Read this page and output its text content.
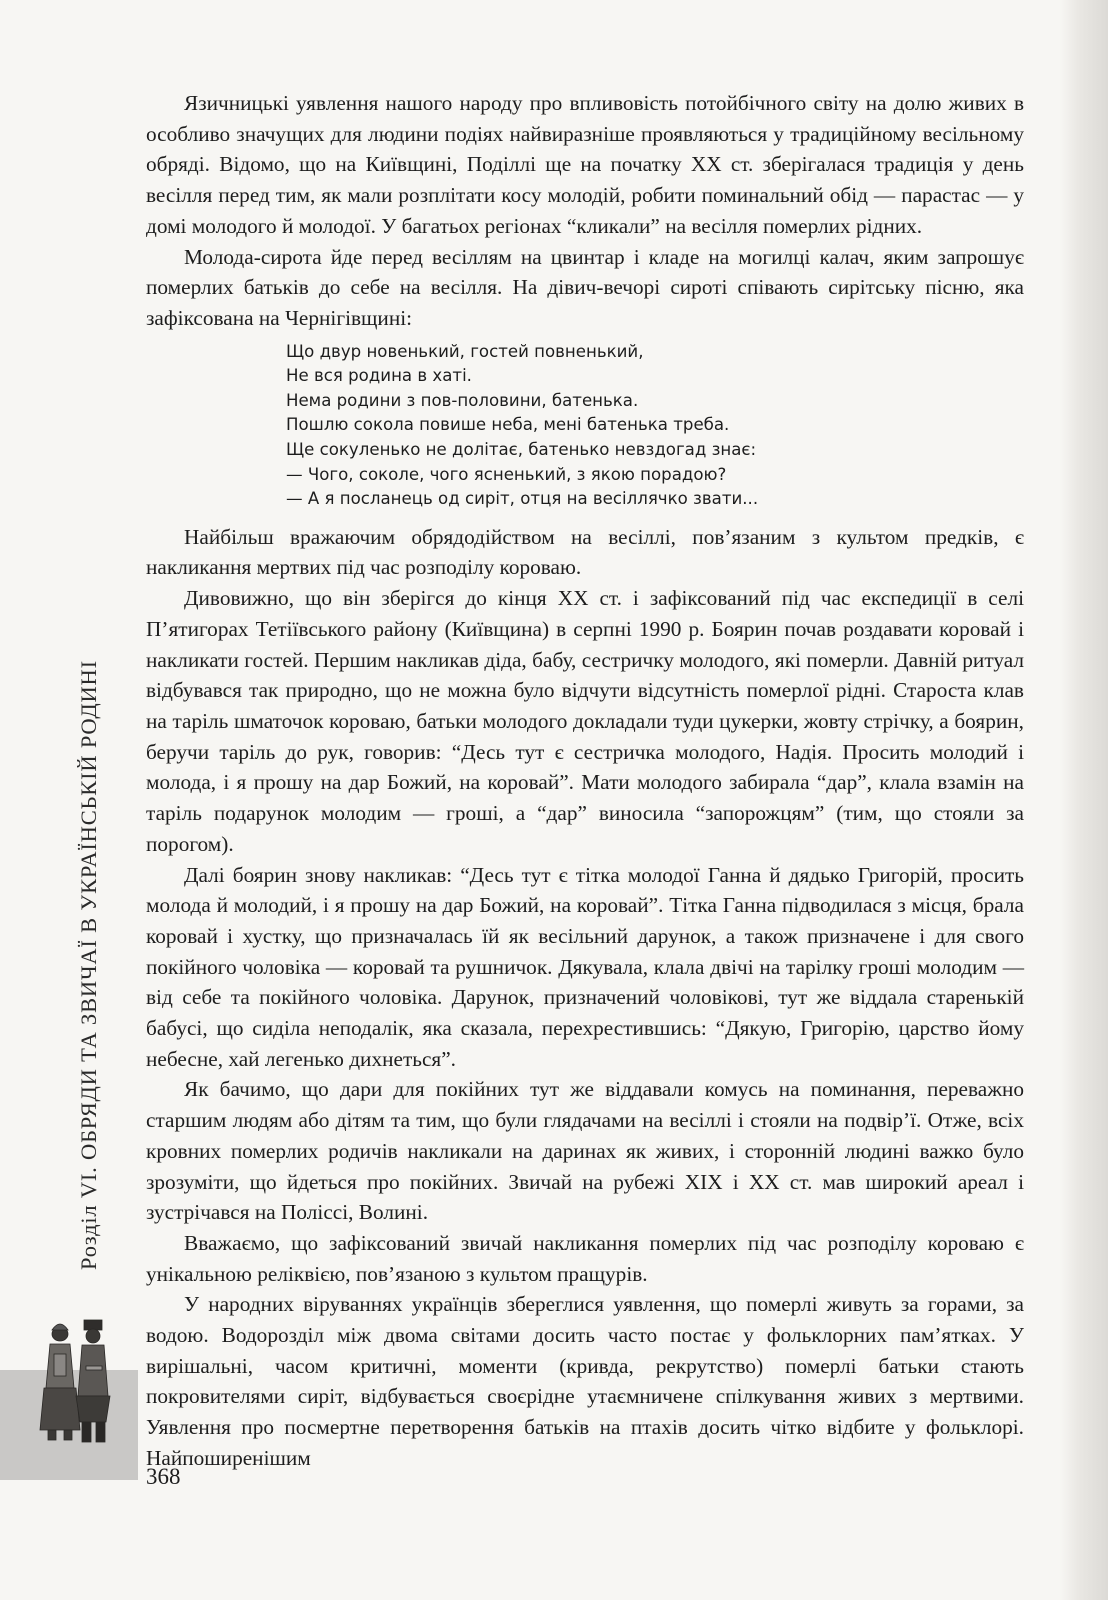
Язичницькі уявлення нашого народу про впливовість потойбічного світу на долю живих в особливо значущих для людини подіях найвиразніше проявляються у традиційному весільному обряді. Відомо, що на Київщині, Поділлі ще на початку XX ст. зберігалася традиція у день весілля перед тим, як мали розплітати косу молодій, робити поминальний обід — парастас — у домі молодого й молодої. У багатьох регіонах “кликали” на весілля померлих рідних.

Молода-сирота йде перед весіллям на цвинтар і кладе на могилці калач, яким запрошує померлих батьків до себе на весілля. На дівич-вечорі сироті співають сирітську пісню, яка зафіксована на Чернігівщині:

Що двур новенький, гостей повненький,
Не вся родина в хаті.
Нема родини з пов-половини, батенька.
Пошлю сокола повише неба, мені батенька треба.
Ще сокуленько не долітає, батенько невздогад знає:
— Чого, соколе, чого ясненький, з якою порадою?
— А я посланець од сиріт, отця на весіллячко звати...

Найбільш вражаючим обрядодійством на весіллі, пов’язаним з культом предків, є накликання мертвих під час розподілу короваю.

Дивовижно, що він зберігся до кінця XX ст. і зафіксований під час експедиції в селі П’ятигорах Тетіївського району (Київщина) в серпні 1990 р. Боярин почав роздавати коровай і накликати гостей. Першим накликав діда, бабу, сестричку молодого, які померли. Давній ритуал відбувався так природно, що не можна було відчути відсутність померлої рідні. Староста клав на таріль шматочок короваю, батьки молодого докладали туди цукерки, жовту стрічку, а боярин, беручи таріль до рук, говорив: “Десь тут є сестричка молодого, Надія. Просить молодий і молода, і я прошу на дар Божий, на коровай”. Мати молодого забирала “дар”, клала взамін на таріль подарунок молодим — гроші, а “дар” виносила “запорожцям” (тим, що стояли за порогом).

Далі боярин знову накликав: “Десь тут є тітка молодої Ганна й дядько Григорій, просить молода й молодий, і я прошу на дар Божий, на коровай”. Тітка Ганна підводилася з місця, брала коровай і хустку, що призначалась їй як весільний дарунок, а також призначене і для свого покійного чоловіка — коровай та рушничок. Дякувала, клала двічі на тарілку гроші молодим — від себе та покійного чоловіка. Дарунок, призначений чоловікові, тут же віддала старенькій бабусі, що сиділа неподалік, яка сказала, перехрестившись: “Дякую, Григорію, царство йому небесне, хай легенько дихнеться”.

Як бачимо, що дари для покійних тут же віддавали комусь на поминання, переважно старшим людям або дітям та тим, що були глядачами на весіллі і стояли на подвір’ї. Отже, всіх кровних померлих родичів накликали на даринах як живих, і сторонній людині важко було зрозуміти, що йдеться про покійних. Звичай на рубежі XIX і XX ст. мав широкий ареал і зустрічався на Поліссі, Волині.

Вважаємо, що зафіксований звичай накликання померлих під час розподілу короваю є унікальною реліквією, пов’язаною з культом пращурів.

У народних віруваннях українців збереглися уявлення, що померлі живуть за горами, за водою. Водорозділ між двома світами досить часто постає у фольклорних пам’ятках. У вирішальні, часом критичні, моменти (кривда, рекрутство) померлі батьки стають покровителями сиріт, відбувається своєрідне утаємничене спілкування живих з мертвими. Уявлення про посмертне перетворення батьків на птахів досить чітко відбите у фольклорі. Найпоширенішим

Розділ VI. ОБРЯДИ ТА ЗВИЧАЇ В УКРАЇНСЬКІЙ РОДИНІ
368
